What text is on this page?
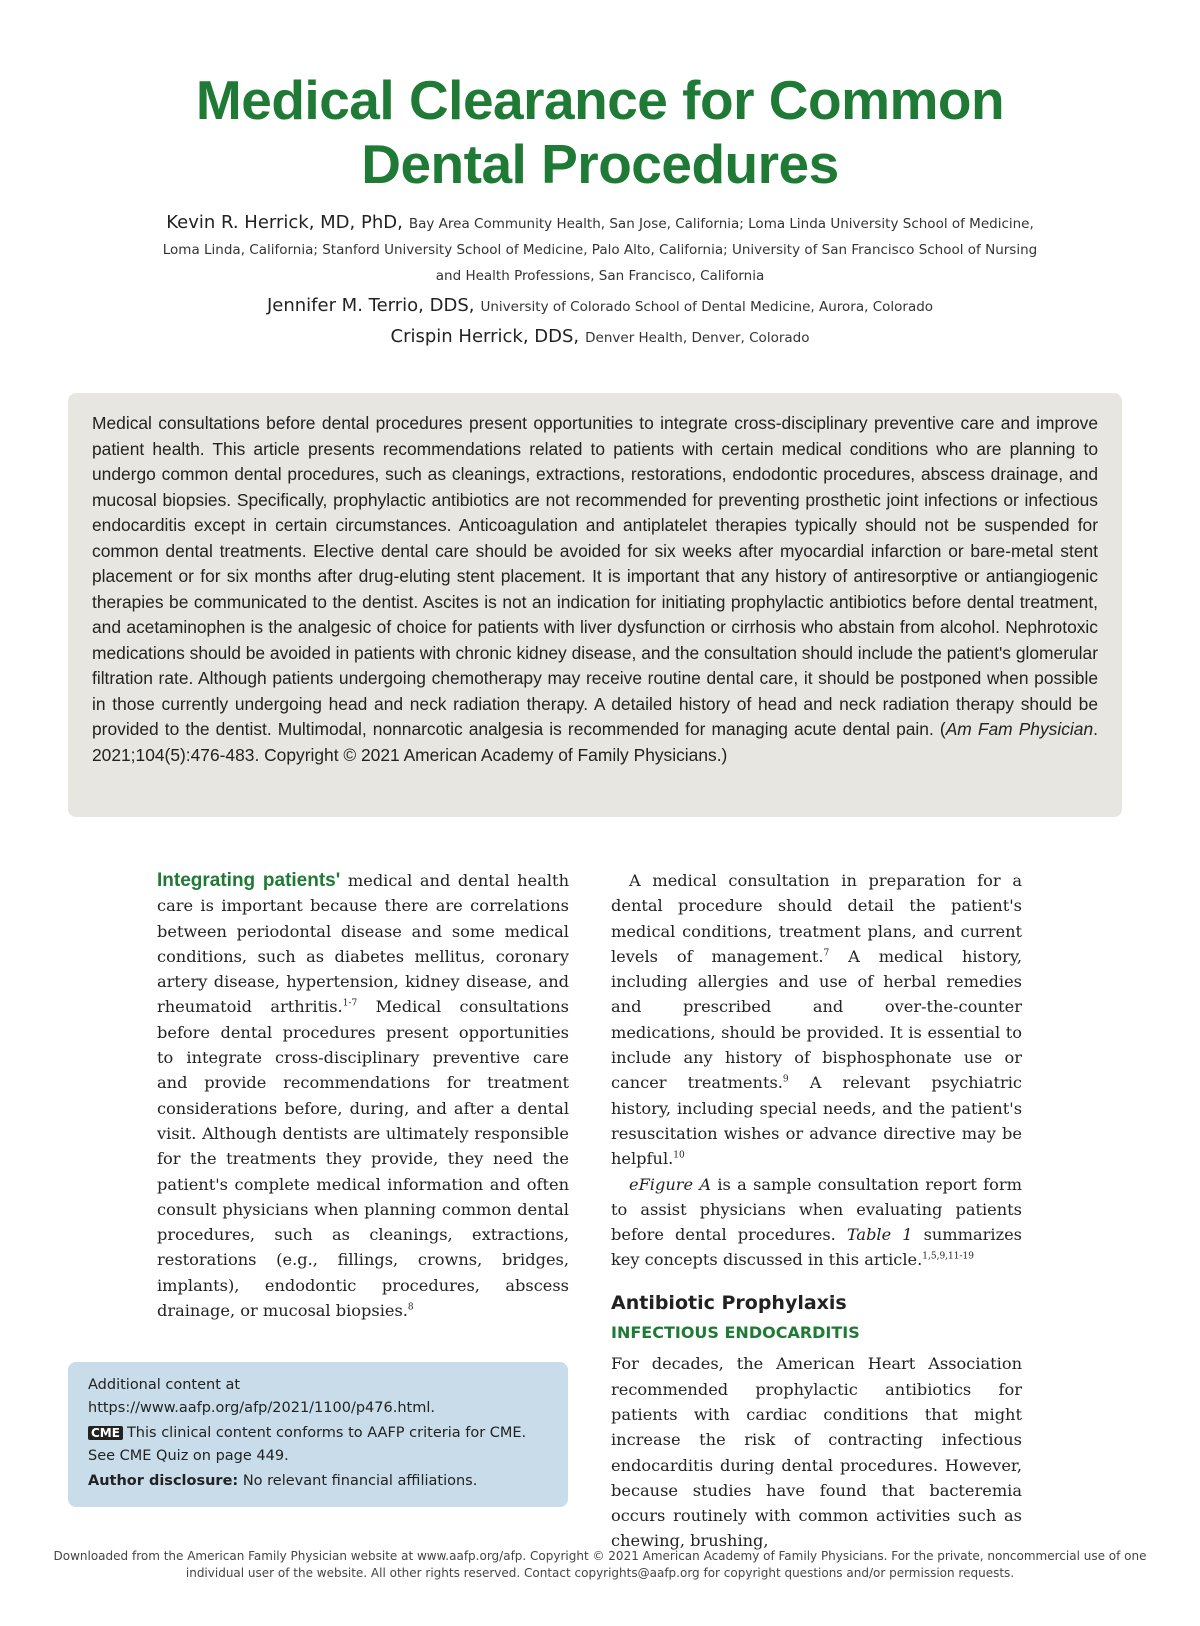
Medical Clearance for Common
Dental Procedures
Kevin R. Herrick, MD, PhD, Bay Area Community Health, San Jose, California; Loma Linda University School of Medicine, Loma Linda, California; Stanford University School of Medicine, Palo Alto, California; University of San Francisco School of Nursing and Health Professions, San Francisco, California
Jennifer M. Terrio, DDS, University of Colorado School of Dental Medicine, Aurora, Colorado
Crispin Herrick, DDS, Denver Health, Denver, Colorado

Medical consultations before dental procedures present opportunities to integrate cross-disciplinary preventive care and improve patient health. This article presents recommendations related to patients with certain medical conditions who are planning to undergo common dental procedures, such as cleanings, extractions, restorations, endodontic procedures, abscess drainage, and mucosal biopsies. Specifically, prophylactic antibiotics are not recommended for preventing prosthetic joint infections or infectious endocarditis except in certain circumstances. Anticoagulation and antiplatelet therapies typically should not be suspended for common dental treatments. Elective dental care should be avoided for six weeks after myocardial infarction or bare-metal stent placement or for six months after drug-eluting stent placement. It is important that any history of antiresorptive or antiangiogenic therapies be communicated to the dentist. Ascites is not an indication for initiating prophylactic antibiotics before dental treatment, and acetaminophen is the analgesic of choice for patients with liver dysfunction or cirrhosis who abstain from alcohol. Nephrotoxic medications should be avoided in patients with chronic kidney disease, and the consultation should include the patient's glomerular filtration rate. Although patients undergoing chemotherapy may receive routine dental care, it should be postponed when possible in those currently undergoing head and neck radiation therapy. A detailed history of head and neck radiation therapy should be provided to the dentist. Multimodal, nonnarcotic analgesia is recommended for managing acute dental pain. (Am Fam Physician. 2021;104(5):476-483. Copyright © 2021 American Academy of Family Physicians.)

Integrating patients' medical and dental health care is important because there are correlations between periodontal disease and some medical conditions, such as diabetes mellitus, coronary artery disease, hypertension, kidney disease, and rheumatoid arthritis.$^{1-7}$ Medical consultations before dental procedures present opportunities to integrate cross-disciplinary preventive care and provide recommendations for treatment considerations before, during, and after a dental visit. Although dentists are ultimately responsible for the treatments they provide, they need the patient's complete medical information and often consult physicians when planning common dental procedures, such as cleanings, extractions, restorations (e.g., fillings, crowns, bridges, implants), endodontic procedures, abscess drainage, or mucosal biopsies.$^8$

A medical consultation in preparation for a dental procedure should detail the patient's medical conditions, treatment plans, and current levels of management.$^7$ A medical history, including allergies and use of herbal remedies and prescribed and over-the-counter medications, should be provided. It is essential to include any history of bisphosphonate use or cancer treatments.$^9$ A relevant psychiatric history, including special needs, and the patient's resuscitation wishes or advance directive may be helpful.$^{10}$

eFigure A is a sample consultation report form to assist physicians when evaluating patients before dental procedures. Table 1 summarizes key concepts discussed in this article.$^{1,5,9,11-19}$

Antibiotic Prophylaxis
INFECTIOUS ENDOCARDITIS

For decades, the American Heart Association recommended prophylactic antibiotics for patients with cardiac conditions that might increase the risk of contracting infectious endocarditis during dental procedures. However, because studies have found that bacteremia occurs routinely with common activities such as chewing, brushing,

Additional content at https://www.aafp.org/afp/2021/1100/p476.html.

CME This clinical content conforms to AAFP criteria for CME. See CME Quiz on page 449.

Author disclosure: No relevant financial affiliations.

Downloaded from the American Family Physician website at www.aafp.org/afp. Copyright © 2021 American Academy of Family Physicians. For the private, noncommercial use of one individual user of the website. All other rights reserved. Contact copyrights@aafp.org for copyright questions and/or permission requests.
